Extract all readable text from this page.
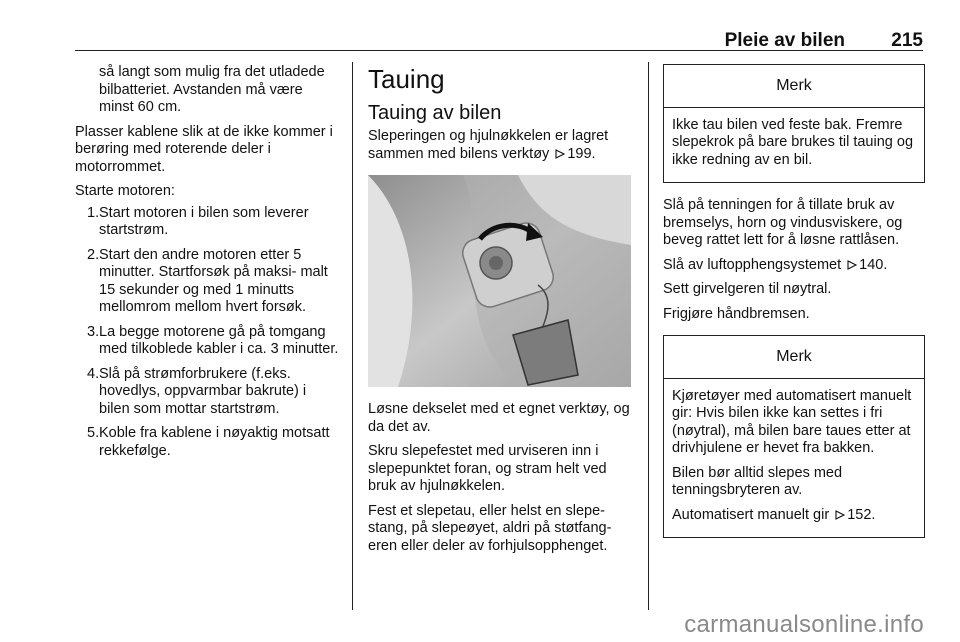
Pleie av bilen 215

så langt som mulig fra det utladede bilbatteriet. Avstanden må være minst 60 cm.

Plasser kablene slik at de ikke kommer i berøring med roterende deler i motorrommet.

Starte motoren:

1. Start motoren i bilen som leverer startstrøm.
2. Start den andre motoren etter 5 minutter. Startforsøk på maksi- malt 15 sekunder og med 1 minutts mellomrom mellom hvert forsøk.
3. La begge motorene gå på tomgang med tilkoblede kabler i ca. 3 minutter.
4. Slå på strømforbrukere (f.eks. hovedlys, oppvarmbar bakrute) i bilen som mottar startstrøm.
5. Koble fra kablene i nøyaktig motsatt rekkefølge.
Tauing
Tauing av bilen

Sleperingen og hjulnøkkelen er lagret sammen med bilens verktøy 199.

Løsne dekselet med et egnet verktøy, og da det av.

Skru slepefestet med urviseren inn i slepepunktet foran, og stram helt ved bruk av hjulnøkkelen.

Fest et slepetau, eller helst en slepe- stang, på slepeøyet, aldri på støtfang- eren eller deler av forhjulsopphenget.

Merk

Ikke tau bilen ved feste bak. Fremre slepekrok på bare brukes til tauing og ikke redning av en bil.

Slå på tenningen for å tillate bruk av bremselys, horn og vindusviskere, og beveg rattet lett for å løsne rattlåsen.

Slå av luftopphengsystemet 140.

Sett girvelgeren til nøytral.

Frigjøre håndbremsen.

Merk

Kjøretøyer med automatisert manuelt gir: Hvis bilen ikke kan settes i fri (nøytral), må bilen bare taues etter at drivhjulene er hevet fra bakken.

Bilen bør alltid slepes med tenningsbryteren av.

Automatisert manuelt gir 152.

carmanualsonline.info
